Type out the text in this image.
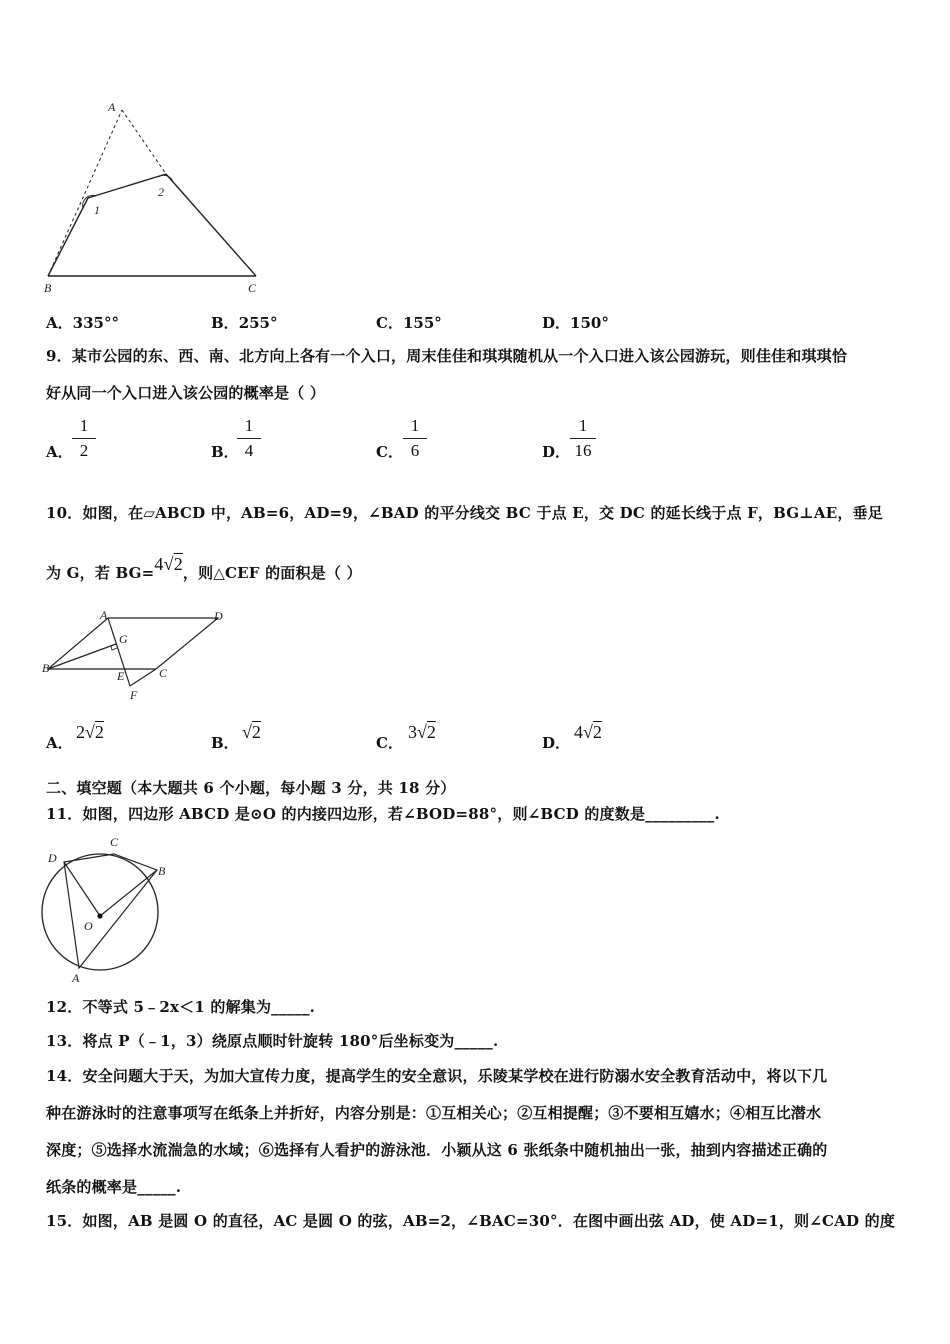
A
1
2
B	C
A．335°°	B．255°	C．155°	D．150°
9．某市公园的东、西、南、北方向上各有一个入口，周末佳佳和琪琪随机从一个入口进入该公园游玩，则佳佳和琪琪恰
好从同一个入口进入该公园的概率是（ ）
A．
1
2	B．
1
4	C．
1
6	D．
1
16
10．如图，在▱ABCD 中，AB=6，AD=9，∠BAD 的平分线交 BC 于点 E，交 DC 的延长线于点 F，BG⊥AE，垂足
为 G，若 BG=4√2，则△CEF 的面积是（ ）
A	D
G
B
E	C
F
A．
2√2
B．
√2
C．
3√2
D．
4√2
二、填空题（本大题共 6 个小题，每小题 3 分，共 18 分）
11．如图，四边形 ABCD 是⊙O 的内接四边形，若∠BOD=88°，则∠BCD 的度数是_________.
D
C
B
O
A
12．不等式 5﹣2x＜1 的解集为_____.
13．将点 P（﹣1，3）绕原点顺时针旋转 180°后坐标变为_____.
14．安全问题大于天，为加大宣传力度，提高学生的安全意识，乐陵某学校在进行防溺水安全教育活动中，将以下几
种在游泳时的注意事项写在纸条上并折好，内容分别是：①互相关心；②互相提醒；③不要相互嬉水；④相互比潜水
深度；⑤选择水流湍急的水域；⑥选择有人看护的游泳池．小颖从这 6 张纸条中随机抽出一张，抽到内容描述正确的
纸条的概率是_____.
15．如图，AB 是圆 O 的直径，AC 是圆 O 的弦，AB=2，∠BAC=30°．在图中画出弦 AD，使 AD=1，则∠CAD 的度
